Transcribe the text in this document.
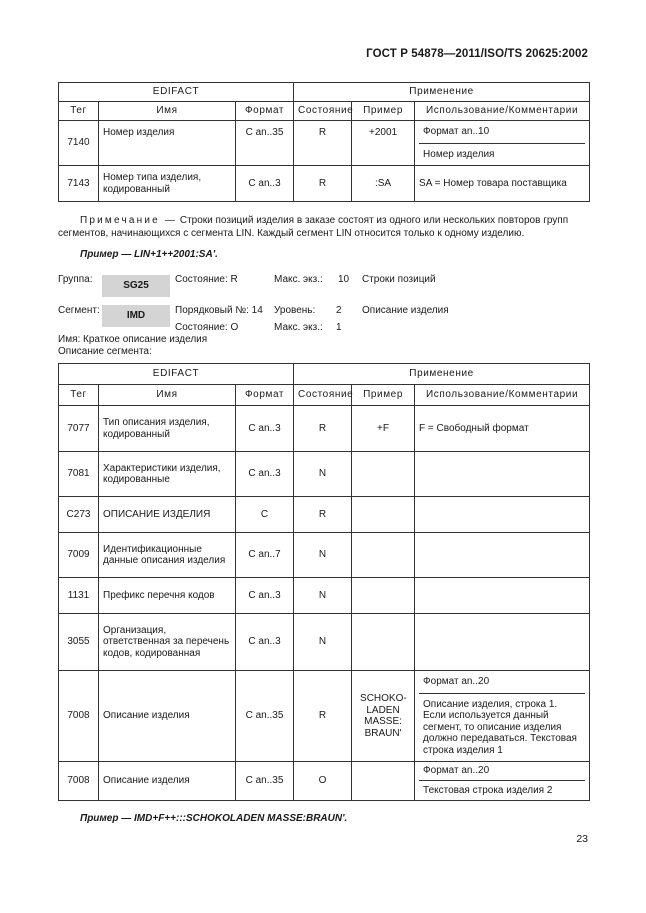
ГОСТ Р 54878—2011/ISO/TS 20625:2002
EDIFACT			Применение		
Тег	Имя	Формат	Состояние	Пример	Использование/Комментарии
7140	Номер изделия	C an..35	R	+2001	Формат an..10
Номер изделия

7143	Номер типа изделия, кодированный	C an..3	R	:SA	SA = Номер товара поставщика
Примечание — Строки позиций изделия в заказе состоят из одного или нескольких повторов групп
сегментов, начинающихся с сегмента LIN. Каждый сегмент LIN относится только к одному изделию.
Пример — LIN+1++2001:SA'.
Группа:
SG25
Состояние: R	Макс. экз.: 10 Строки позиций
Сегмент:	IMD	Порядковый №: 14 Уровень: 2 Описание изделия
Состояние: O	Макс. экз.: 1
Имя: Краткое описание изделия
Описание сегмента:
EDIFACT			Применение		
Тег	Имя	Формат	Состояние	Пример	Использование/Комментарии
7077	Тип описания изделия, кодированный	C an..3	R	+F	F = Свободный формат
7081	Характеристики изделия, кодированные	C an..3	N		
C273	ОПИСАНИЕ ИЗДЕЛИЯ	C	R		
7009	Идентификационные данные описания изделия	C an..7	N		
1131	Префикс перечня кодов	C an..3	N		
3055	Организация, ответственная за перечень кодов, кодированная	C an..3	N		
7008	Описание изделия	C an..35	R	SCHOKO-LADEN MASSE: BRAUN'	Формат an..20
Описание изделия, строка 1. Если используется данный сегмент, то описание изделия должно передаваться. Текстовая строка изделия 1

7008	Описание изделия	C an..35	O		Формат an..20
Текстовая строка изделия 2
Пример — IMD+F++:::SCHOKOLADEN MASSE:BRAUN'.
23
